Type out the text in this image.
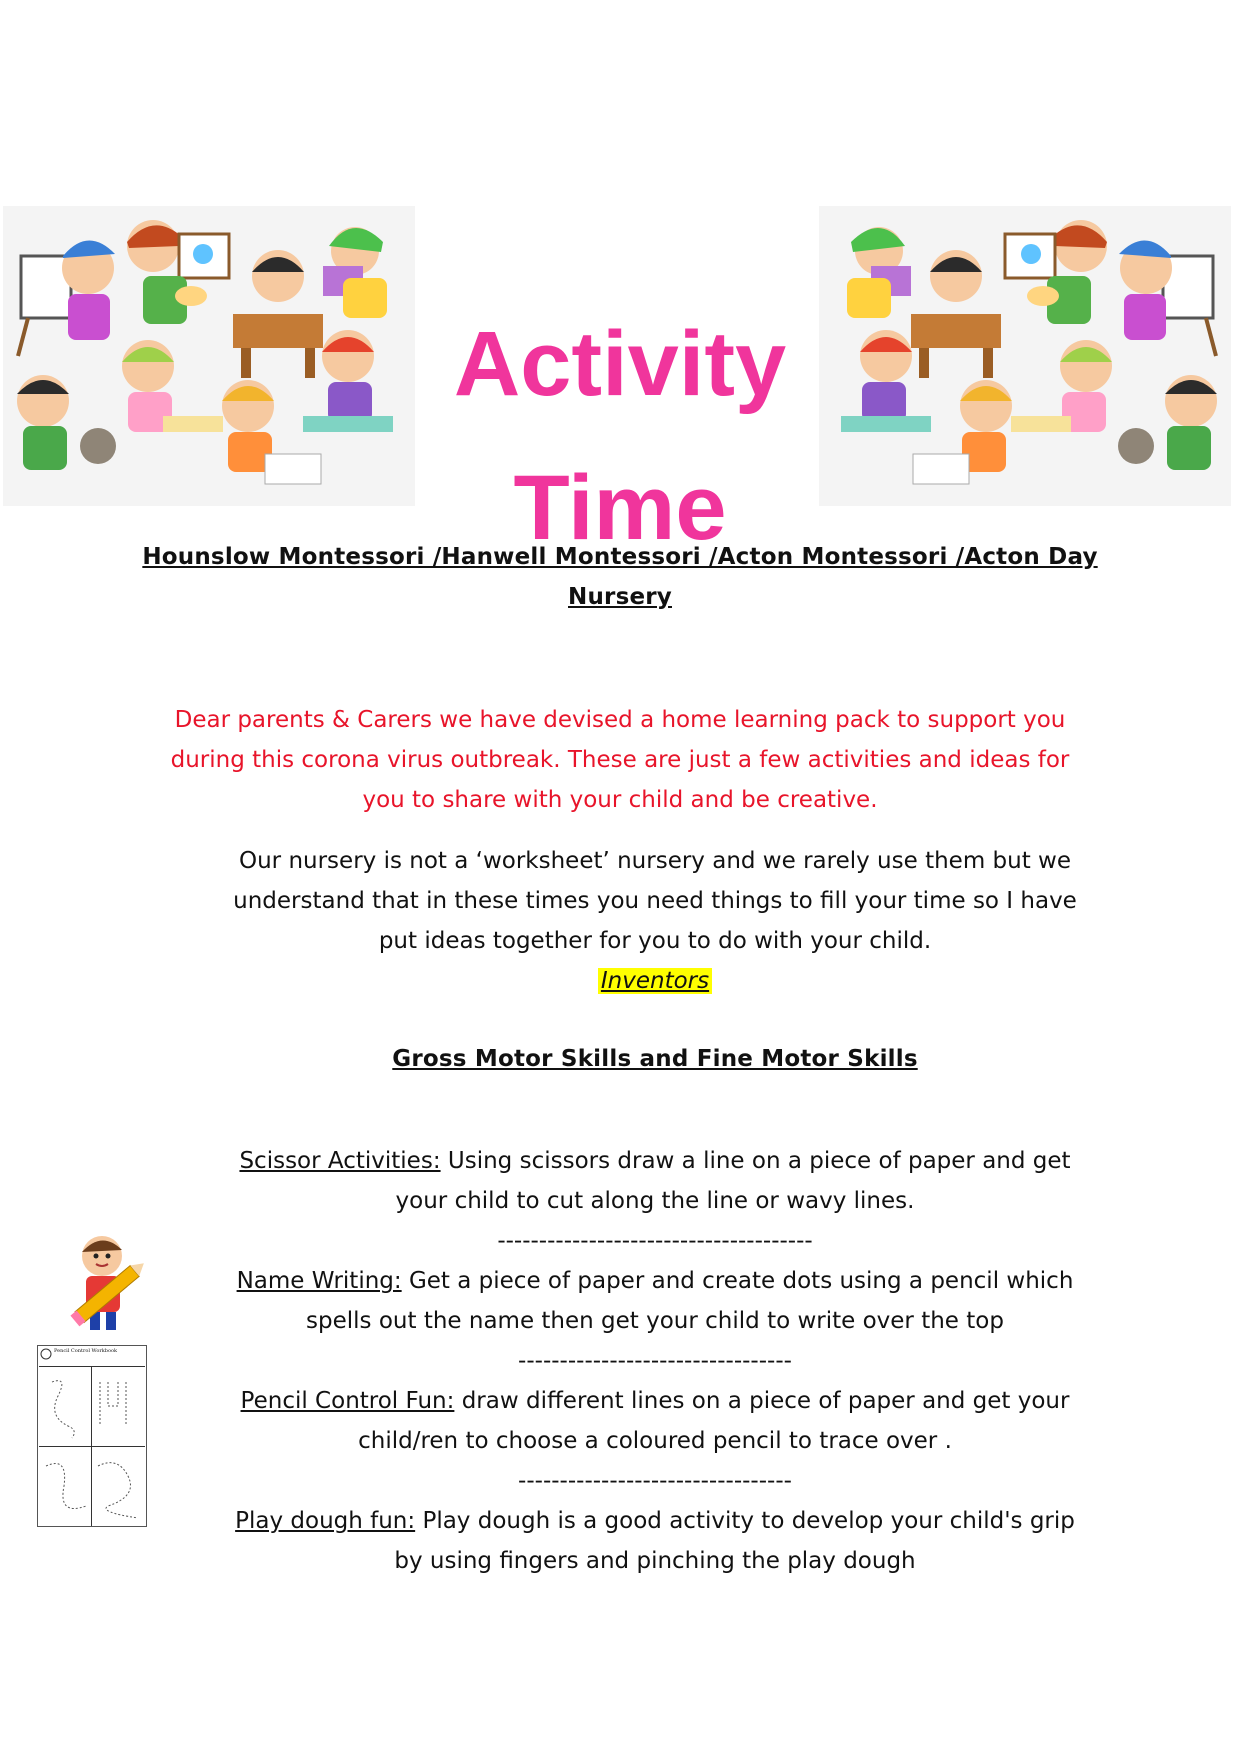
Activity
Time
Hounslow Montessori /Hanwell Montessori /Acton Montessori /Acton Day
Nursery
Dear parents & Carers we have devised a home learning pack to support you
during this corona virus outbreak. These are just a few activities and ideas for
you to share with your child and be creative.
Our nursery is not a ‘worksheet’ nursery and we rarely use them but we
understand that in these times you need things to fill your time so I have
put ideas together for you to do with your child.
Inventors
Gross Motor Skills and Fine Motor Skills
Scissor Activities: Using scissors draw a line on a piece of paper and get
your child to cut along the line or wavy lines.
--------------------------------------
Name Writing: Get a piece of paper and create dots using a pencil which
spells out the name then get your child to write over the top
---------------------------------
Pencil Control Fun: draw different lines on a piece of paper and get your
child/ren to choose a coloured pencil to trace over .
---------------------------------
Play dough fun: Play dough is a good activity to develop your child's grip
by using fingers and pinching the play dough
Pencil Control Workbook
